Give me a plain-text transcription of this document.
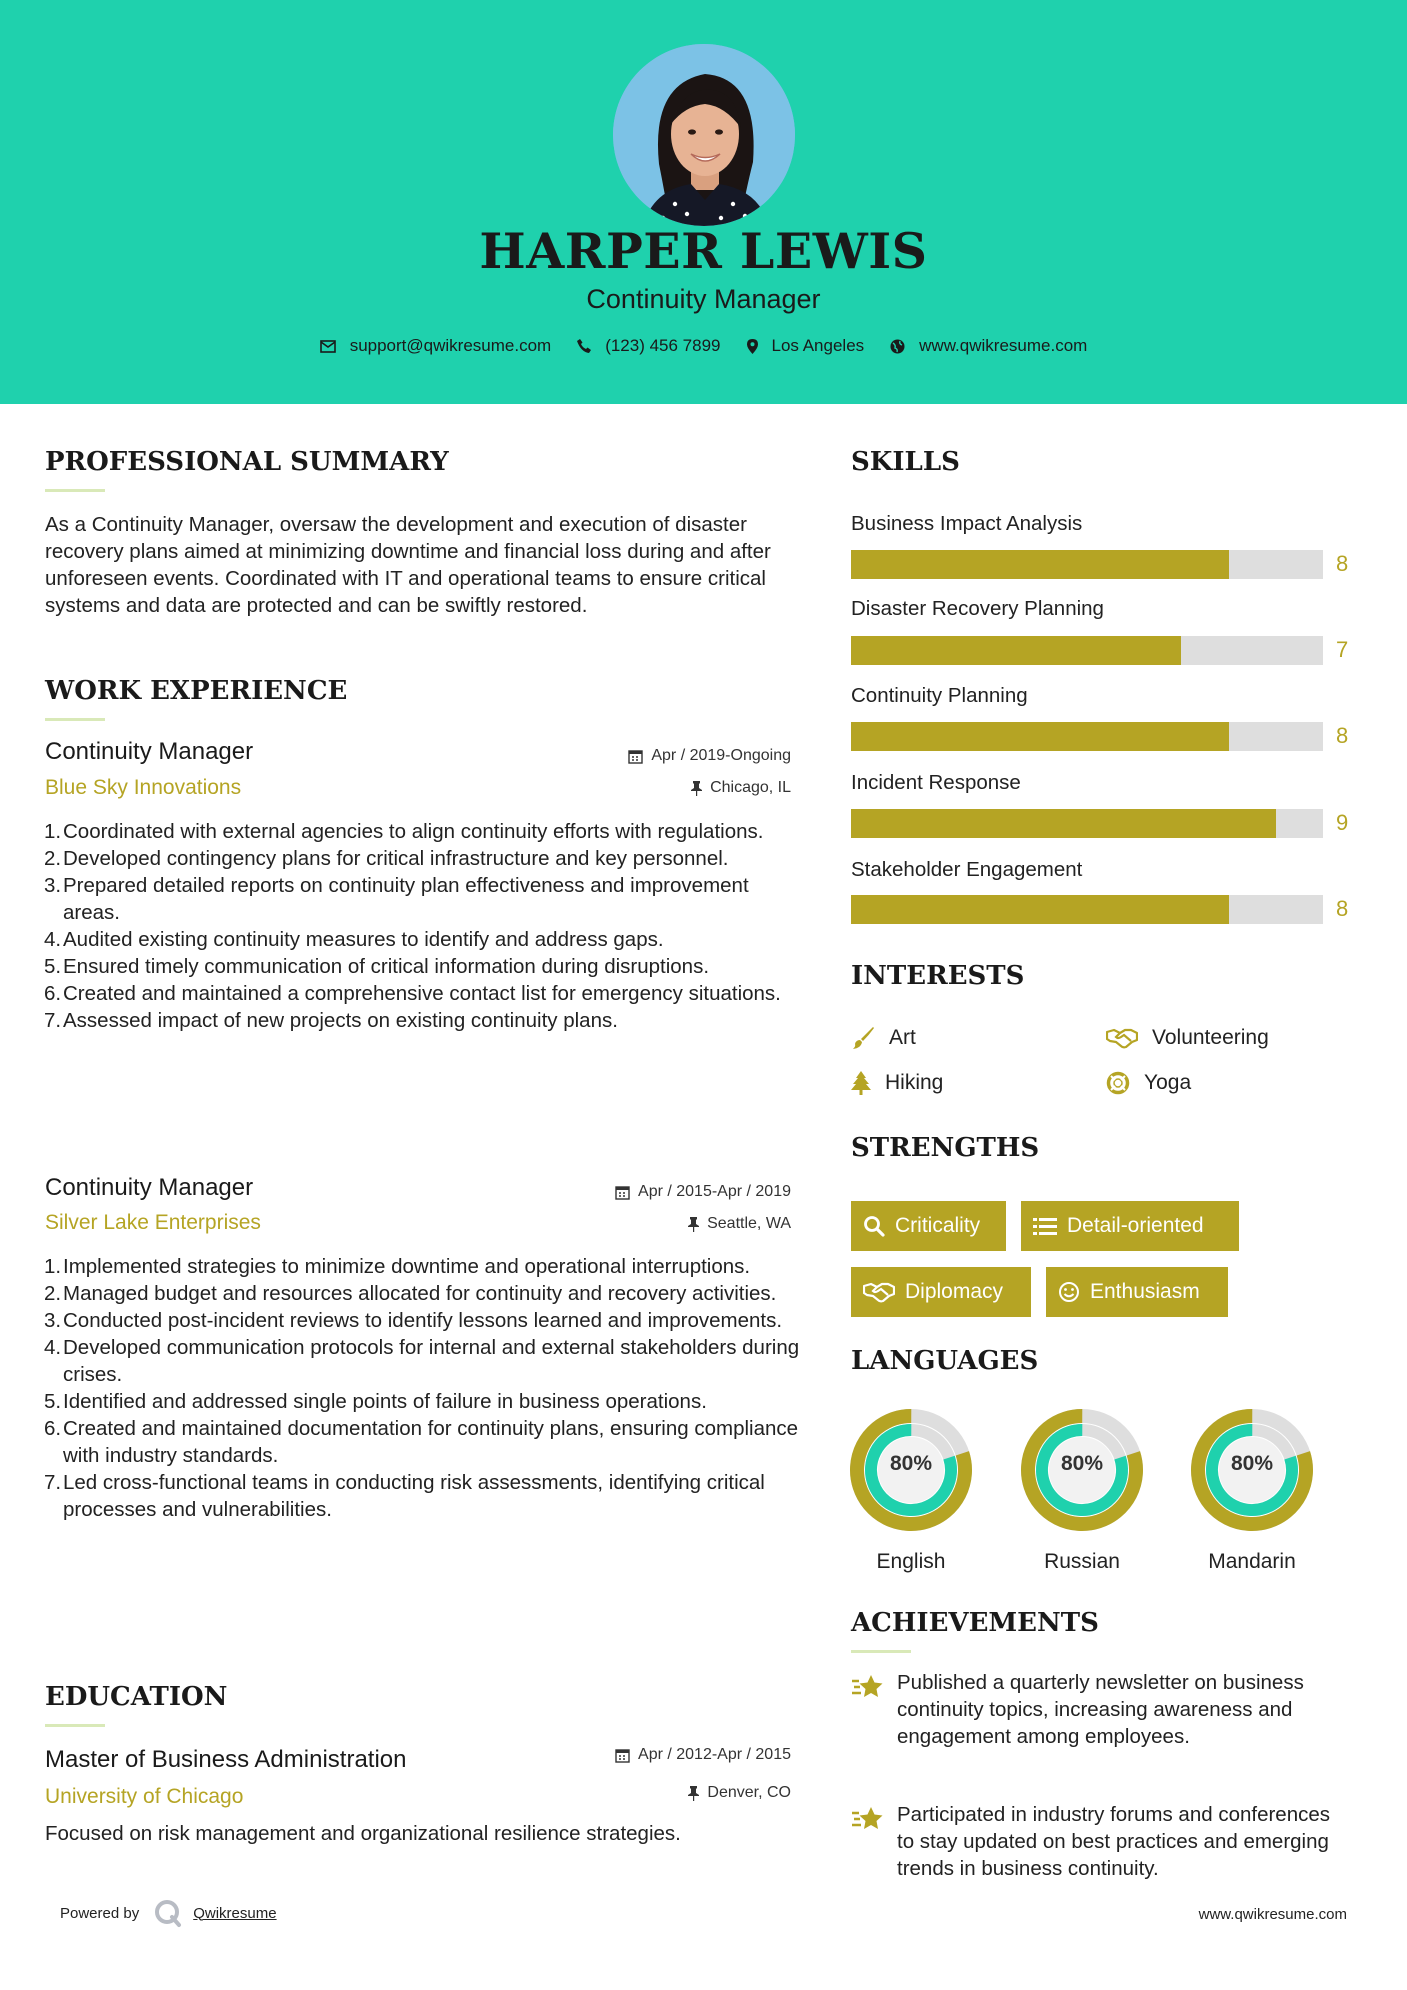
HARPER LEWIS
Continuity Manager
support@qwikresume.com	(123) 456 7899	Los Angeles	www.qwikresume.com
PROFESSIONAL SUMMARY
As a Continuity Manager, oversaw the development and execution of disaster recovery plans aimed at minimizing downtime and financial loss during and after unforeseen events. Coordinated with IT and operational teams to ensure critical systems and data are protected and can be swiftly restored.
WORK EXPERIENCE
Continuity Manager	Apr / 2019-Ongoing
Blue Sky Innovations	Chicago, IL
1. Coordinated with external agencies to align continuity efforts with regulations.
2. Developed contingency plans for critical infrastructure and key personnel.
3. Prepared detailed reports on continuity plan effectiveness and improvement areas.
4. Audited existing continuity measures to identify and address gaps.
5. Ensured timely communication of critical information during disruptions.
6. Created and maintained a comprehensive contact list for emergency situations.
7. Assessed impact of new projects on existing continuity plans.
Continuity Manager	Apr / 2015-Apr / 2019
Silver Lake Enterprises	Seattle, WA
1. Implemented strategies to minimize downtime and operational interruptions.
2. Managed budget and resources allocated for continuity and recovery activities.
3. Conducted post-incident reviews to identify lessons learned and improvements.
4. Developed communication protocols for internal and external stakeholders during crises.
5. Identified and addressed single points of failure in business operations.
6. Created and maintained documentation for continuity plans, ensuring compliance with industry standards.
7. Led cross-functional teams in conducting risk assessments, identifying critical processes and vulnerabilities.
EDUCATION
Master of Business Administration	Apr / 2012-Apr / 2015
University of Chicago	Denver, CO
Focused on risk management and organizational resilience strategies.
SKILLS
Business Impact Analysis
8
Disaster Recovery Planning
7
Continuity Planning
8
Incident Response
9
Stakeholder Engagement
8
INTERESTS
Art	Volunteering
Hiking	Yoga
STRENGTHS
Criticality	Detail-oriented
Diplomacy	Enthusiasm
LANGUAGES
80%
English
80%
Russian
80%
Mandarin
ACHIEVEMENTS
Published a quarterly newsletter on business continuity topics, increasing awareness and engagement among employees.
Participated in industry forums and conferences to stay updated on best practices and emerging trends in business continuity.
Powered by	Qwikresume	www.qwikresume.com
